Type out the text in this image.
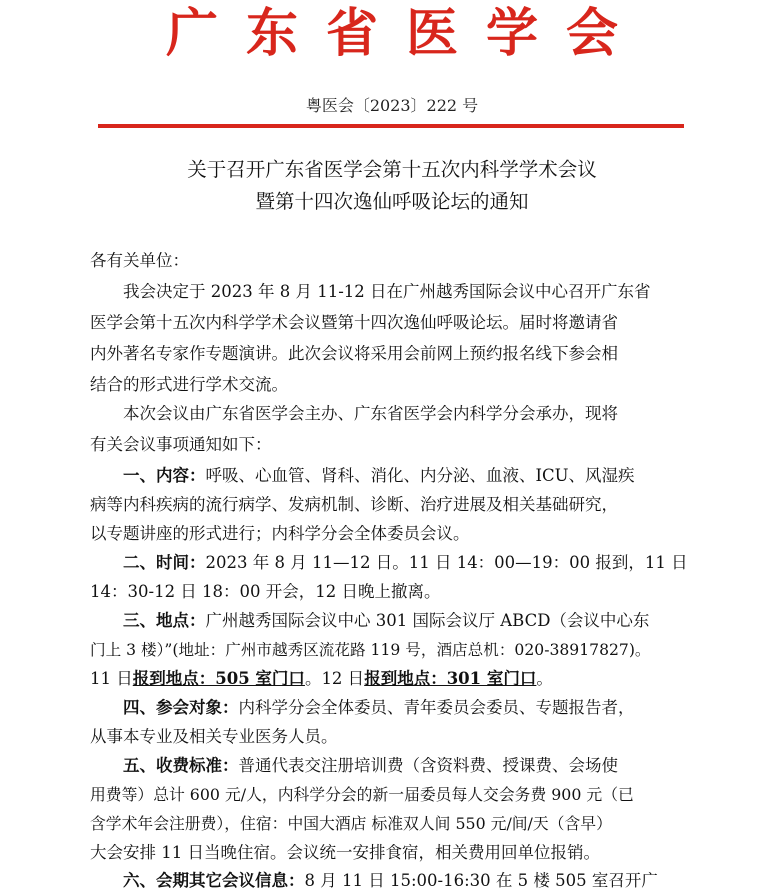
广东省医学会
粤医会〔2023〕222 号
关于召开广东省医学会第十五次内科学学术会议
暨第十四次逸仙呼吸论坛的通知
各有关单位：
我会决定于 2023 年 8 月 11-12 日在广州越秀国际会议中心召开广东省
医学会第十五次内科学学术会议暨第十四次逸仙呼吸论坛。届时将邀请省
内外著名专家作专题演讲。此次会议将采用会前网上预约报名线下参会相
结合的形式进行学术交流。
本次会议由广东省医学会主办、广东省医学会内科学分会承办，现将
有关会议事项通知如下：
一、内容：呼吸、心血管、肾科、消化、内分泌、血液、ICU、风湿疾
病等内科疾病的流行病学、发病机制、诊断、治疗进展及相关基础研究，
以专题讲座的形式进行；内科学分会全体委员会议。
二、时间：2023 年 8 月 11—12 日。11 日 14：00—19：00 报到，11 日
14：30-12 日 18：00 开会，12 日晚上撤离。
三、地点：广州越秀国际会议中心 301 国际会议厅 ABCD（会议中心东
门上 3 楼）”(地址：广州市越秀区流花路 119 号，酒店总机：020-38917827)。
11 日报到地点：505 室门口。12 日报到地点：301 室门口。
四、参会对象：内科学分会全体委员、青年委员会委员、专题报告者，
从事本专业及相关专业医务人员。
五、收费标准：普通代表交注册培训费（含资料费、授课费、会场使
用费等）总计 600 元/人，内科学分会的新一届委员每人交会务费 900 元（已
含学术年会注册费），住宿：中国大酒店 标准双人间 550 元/间/天（含早）
大会安排 11 日当晚住宿。会议统一安排食宿，相关费用回单位报销。
六、会期其它会议信息：8 月 11 日 15:00-16:30 在 5 楼 505 室召开广
